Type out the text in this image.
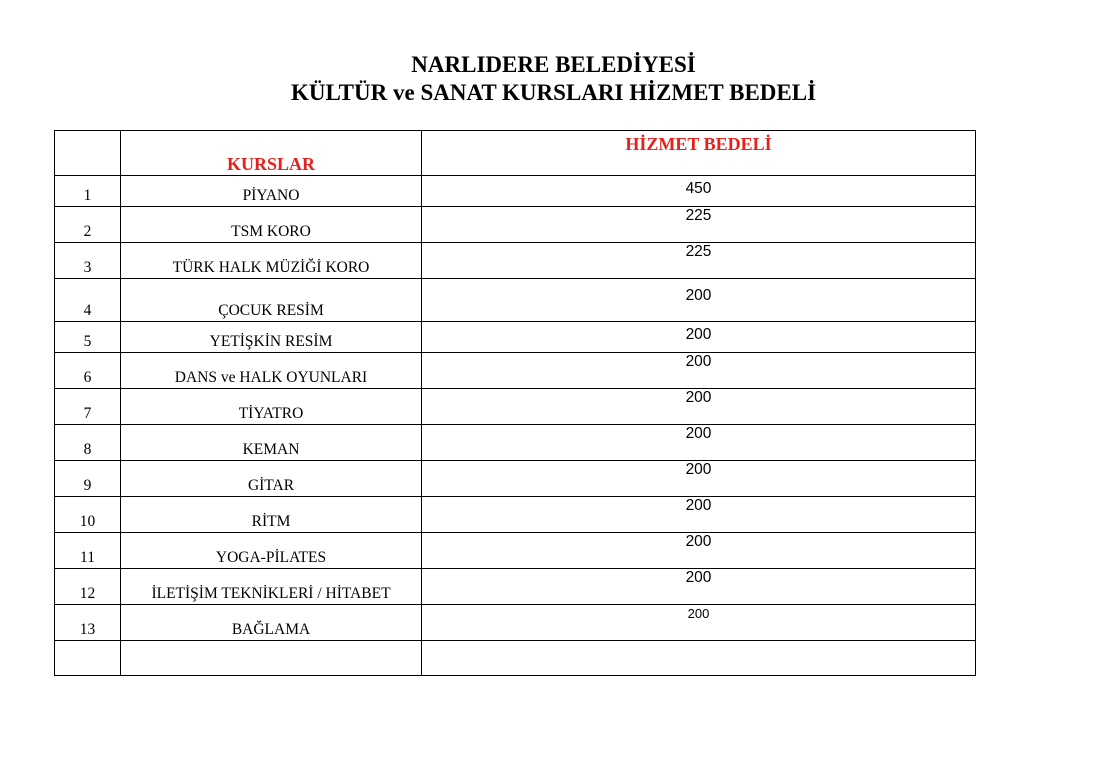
NARLIDERE BELEDİYESİ
KÜLTÜR ve SANAT KURSLARI HİZMET BEDELİ
	KURSLAR	HİZMET BEDELİ
1	PİYANO	450
2	TSM KORO	225
3	TÜRK HALK MÜZİĞİ KORO	225
4	ÇOCUK RESİM	200
5	YETİŞKİN RESİM	200
6	DANS ve HALK OYUNLARI	200
7	TİYATRO	200
8	KEMAN	200
9	GİTAR	200
10	RİTM	200
11	YOGA-PİLATES	200
12	İLETİŞİM TEKNİKLERİ / HİTABET	200
13	BAĞLAMA	200
